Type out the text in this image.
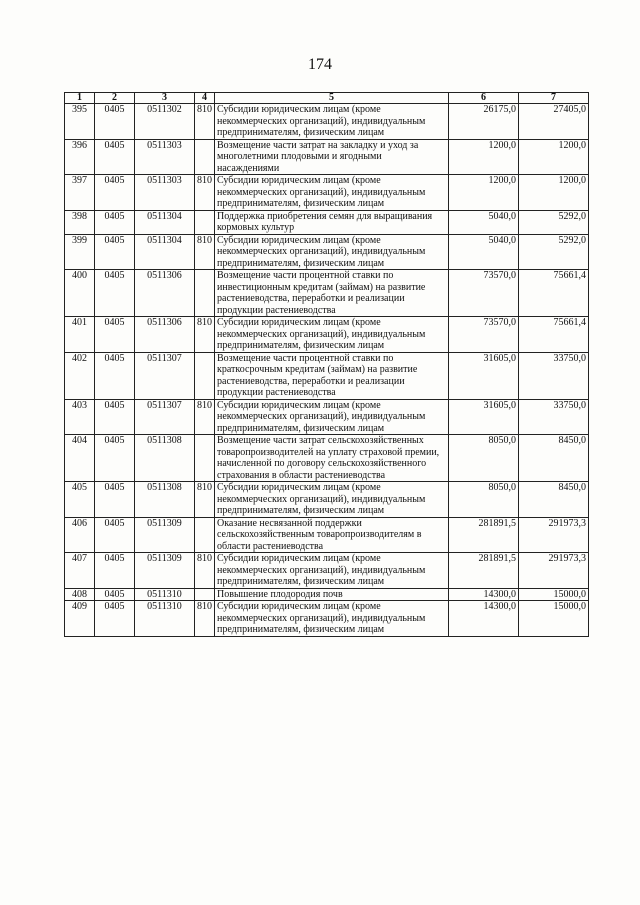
174
1	2	3	4	5	6	7
395	0405	0511302	810	Субсидии юридическим лицам (кроме некоммерческих организаций), индивидуальным предпринимателям, физическим лицам	26175,0	27405,0
396	0405	0511303		Возмещение части затрат на закладку и уход за многолетними плодовыми и ягодными насаждениями	1200,0	1200,0
397	0405	0511303	810	Субсидии юридическим лицам (кроме некоммерческих организаций), индивидуальным предпринимателям, физическим лицам	1200,0	1200,0
398	0405	0511304		Поддержка приобретения семян для выращивания кормовых культур	5040,0	5292,0
399	0405	0511304	810	Субсидии юридическим лицам (кроме некоммерческих организаций), индивидуальным предпринимателям, физическим лицам	5040,0	5292,0
400	0405	0511306		Возмещение части процентной ставки по инвестиционным кредитам (займам) на развитие растениеводства, переработки и реализации продукции растениеводства	73570,0	75661,4
401	0405	0511306	810	Субсидии юридическим лицам (кроме некоммерческих организаций), индивидуальным предпринимателям, физическим лицам	73570,0	75661,4
402	0405	0511307		Возмещение части процентной ставки по краткосрочным кредитам (займам) на развитие растениеводства, переработки и реализации продукции растениеводства	31605,0	33750,0
403	0405	0511307	810	Субсидии юридическим лицам (кроме некоммерческих организаций), индивидуальным предпринимателям, физическим лицам	31605,0	33750,0
404	0405	0511308		Возмещение части затрат сельскохозяйственных товаропроизводителей на уплату страховой премии, начисленной по договору сельскохозяйственного страхования в области растениеводства	8050,0	8450,0
405	0405	0511308	810	Субсидии юридическим лицам (кроме некоммерческих организаций), индивидуальным предпринимателям, физическим лицам	8050,0	8450,0
406	0405	0511309		Оказание несвязанной поддержки сельскохозяйственным товаропроизводителям в области растениеводства	281891,5	291973,3
407	0405	0511309	810	Субсидии юридическим лицам (кроме некоммерческих организаций), индивидуальным предпринимателям, физическим лицам	281891,5	291973,3
408	0405	0511310		Повышение плодородия почв	14300,0	15000,0
409	0405	0511310	810	Субсидии юридическим лицам (кроме некоммерческих организаций), индивидуальным предпринимателям, физическим лицам	14300,0	15000,0
